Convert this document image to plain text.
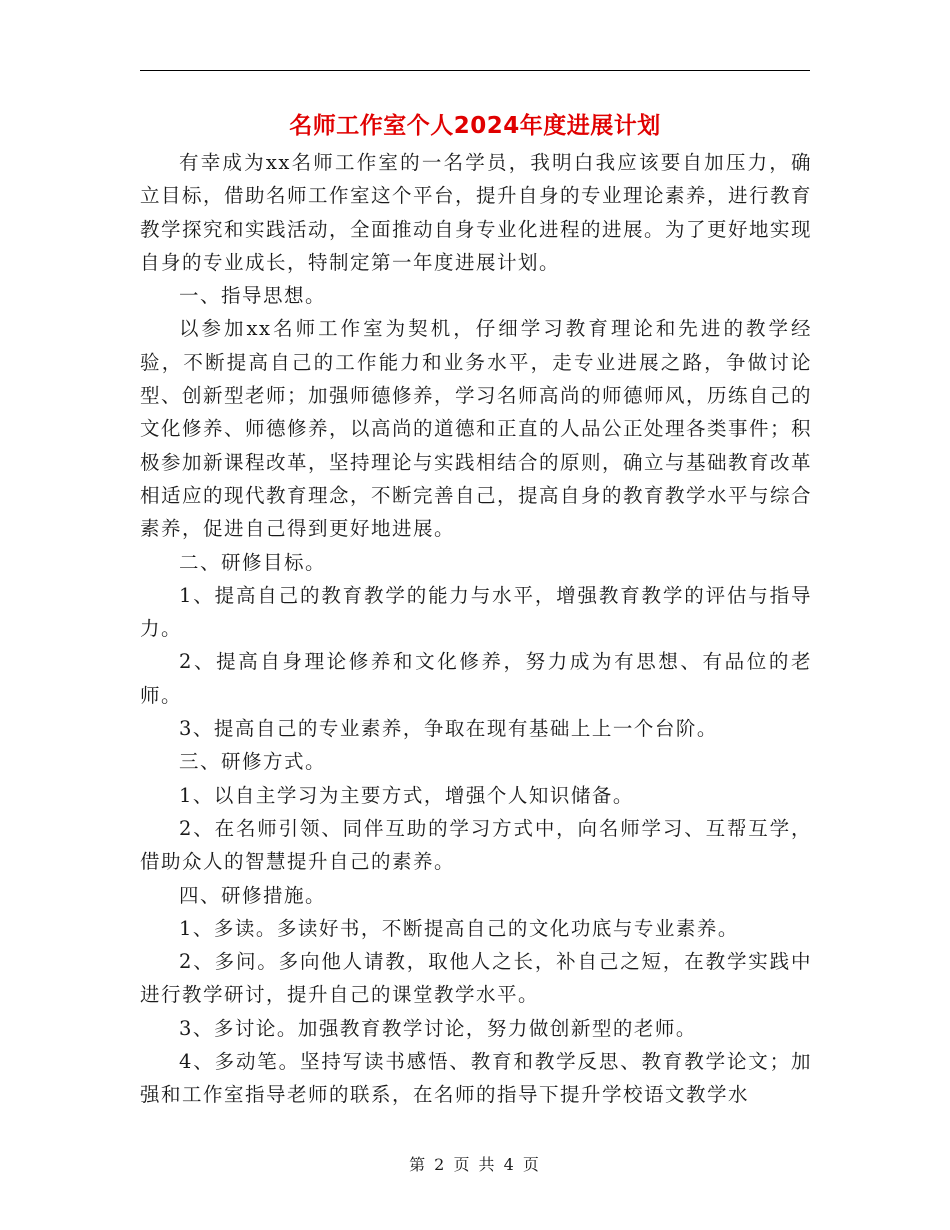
名师工作室个人2024年度进展计划

有幸成为xx名师工作室的一名学员，我明白我应该要自加压力，确立目标，借助名师工作室这个平台，提升自身的专业理论素养，进行教育教学探究和实践活动，全面推动自身专业化进程的进展。为了更好地实现自身的专业成长，特制定第一年度进展计划。

一、指导思想。

以参加xx名师工作室为契机，仔细学习教育理论和先进的教学经验，不断提高自己的工作能力和业务水平，走专业进展之路，争做讨论型、创新型老师；加强师德修养，学习名师高尚的师德师风，历练自己的文化修养、师德修养，以高尚的道德和正直的人品公正处理各类事件；积极参加新课程改革，坚持理论与实践相结合的原则，确立与基础教育改革相适应的现代教育理念，不断完善自己，提高自身的教育教学水平与综合素养，促进自己得到更好地进展。

二、研修目标。

1、提高自己的教育教学的能力与水平，增强教育教学的评估与指导力。

2、提高自身理论修养和文化修养，努力成为有思想、有品位的老师。

3、提高自己的专业素养，争取在现有基础上上一个台阶。

三、研修方式。

1、以自主学习为主要方式，增强个人知识储备。

2、在名师引领、同伴互助的学习方式中，向名师学习、互帮互学，借助众人的智慧提升自己的素养。

四、研修措施。

1、多读。多读好书，不断提高自己的文化功底与专业素养。

2、多问。多向他人请教，取他人之长，补自己之短，在教学实践中进行教学研讨，提升自己的课堂教学水平。

3、多讨论。加强教育教学讨论，努力做创新型的老师。

4、多动笔。坚持写读书感悟、教育和教学反思、教育教学论文；加强和工作室指导老师的联系，在名师的指导下提升学校语文教学水

第 2 页 共 4 页
